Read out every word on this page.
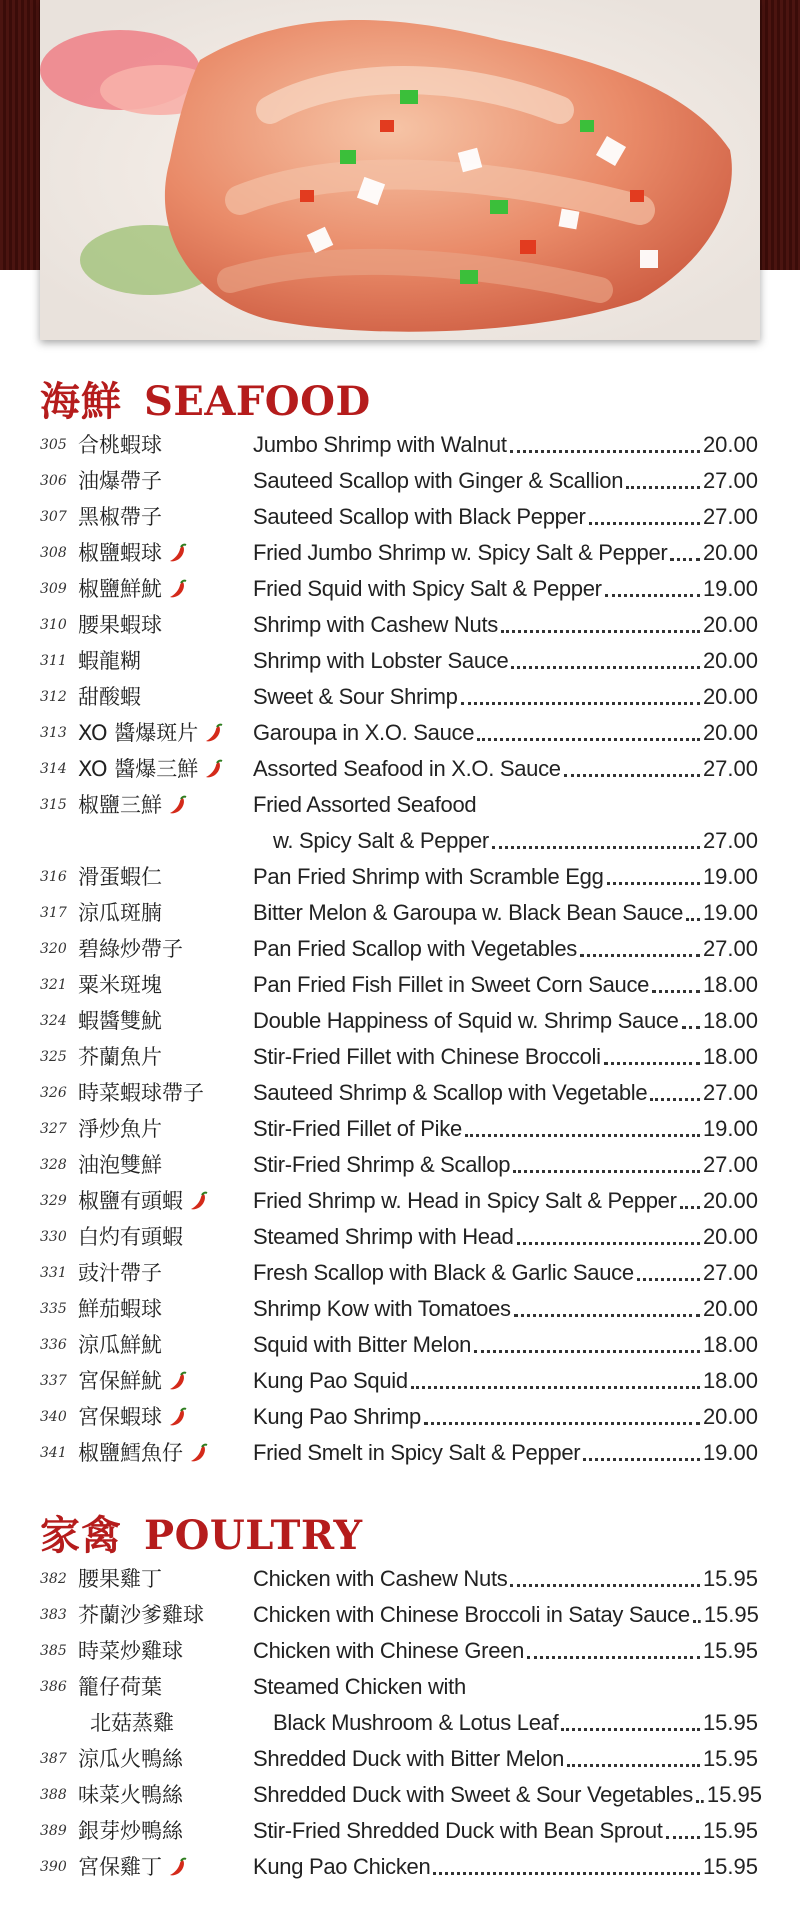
海鮮 SEAFOOD
305 合桃蝦球	Jumbo Shrimp with Walnut	20.00
306 油爆帶子	Sauteed Scallop with Ginger & Scallion	27.00
307 黑椒帶子	Sauteed Scallop with Black Pepper	27.00
308 椒鹽蝦球	Fried Jumbo Shrimp w. Spicy Salt & Pepper 20.00
309 椒鹽鮮魷	Fried Squid with Spicy Salt & Pepper	19.00
310 腰果蝦球	Shrimp with Cashew Nuts	20.00
311 蝦龍糊	Shrimp with Lobster Sauce	20.00
312 甜酸蝦	Sweet & Sour Shrimp	20.00
313 XO 醬爆斑片 Garoupa in X.O. Sauce	20.00
314 XO 醬爆三鮮 Assorted Seafood in X.O. Sauce	27.00
315 椒鹽三鮮	Fried Assorted Seafood
w. Spicy Salt & Pepper	27.00
316 滑蛋蝦仁	Pan Fried Shrimp with Scramble Egg	19.00
317 涼瓜斑腩	Bitter Melon & Garoupa w. Black Bean Sauce 19.00
320 碧綠炒帶子	Pan Fried Scallop with Vegetables	27.00
321 粟米斑塊	Pan Fried Fish Fillet in Sweet Corn Sauce 18.00
324 蝦醬雙魷	Double Happiness of Squid w. Shrimp Sauce 18.00
325 芥蘭魚片	Stir-Fried Fillet with Chinese Broccoli	18.00
326 時菜蝦球帶子 Sauteed Shrimp & Scallop with Vegetable	27.00
327 淨炒魚片	Stir-Fried Fillet of Pike	19.00
328 油泡雙鮮	Stir-Fried Shrimp & Scallop	27.00
329 椒鹽有頭蝦	Fried Shrimp w. Head in Spicy Salt & Pepper 20.00
330 白灼有頭蝦	Steamed Shrimp with Head	20.00
331 豉汁帶子	Fresh Scallop with Black & Garlic Sauce	27.00
335 鮮茄蝦球	Shrimp Kow with Tomatoes	20.00
336 涼瓜鮮魷	Squid with Bitter Melon	18.00
337 宮保鮮魷	Kung Pao Squid	18.00
340 宮保蝦球	Kung Pao Shrimp	20.00
341 椒鹽鱈魚仔	Fried Smelt in Spicy Salt & Pepper	19.00
家禽 POULTRY
382 腰果雞丁	Chicken with Cashew Nuts	15.95
383 芥蘭沙爹雞球 Chicken with Chinese Broccoli in Satay Sauce 15.95
385 時菜炒雞球	Chicken with Chinese Green	15.95
386 籠仔荷葉
北菇蒸雞
Steamed Chicken with
Black Mushroom & Lotus Leaf	15.95
387 涼瓜火鴨絲	Shredded Duck with Bitter Melon	15.95
388 味菜火鴨絲	Shredded Duck with Sweet & Sour Vegetables 15.95
389 銀芽炒鴨絲	Stir-Fried Shredded Duck with Bean Sprout 15.95
390 宮保雞丁	Kung Pao Chicken	15.95
